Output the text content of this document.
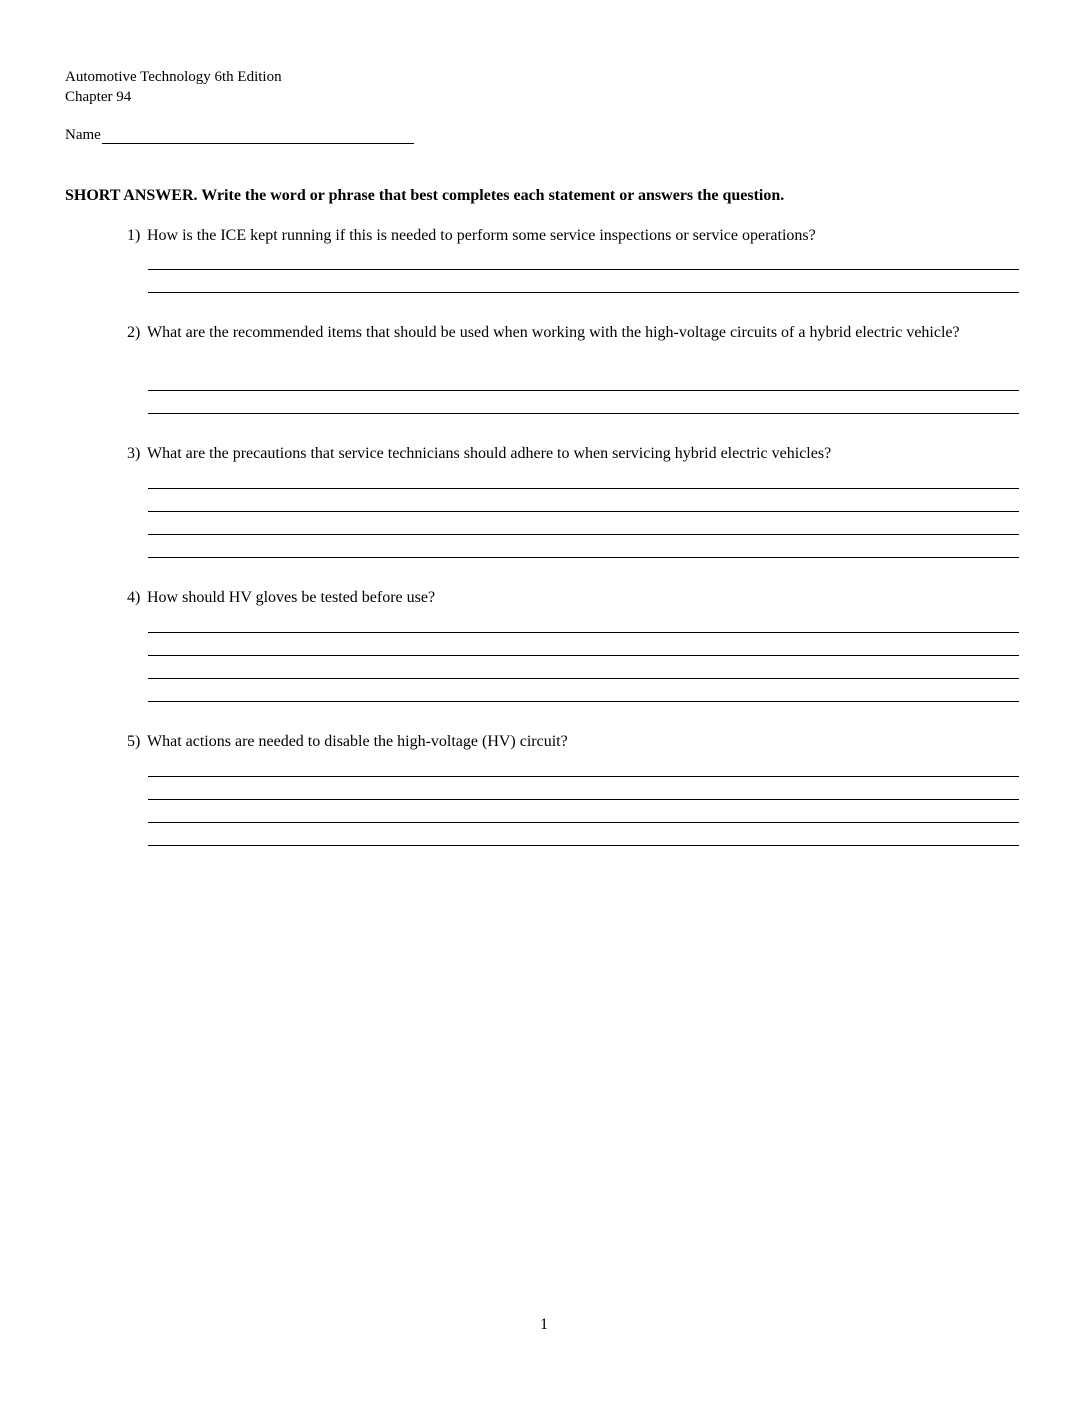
Automotive Technology 6th Edition
Chapter 94
Name
SHORT ANSWER. Write the word or phrase that best completes each statement or answers the question.
1) How is the ICE kept running if this is needed to perform some service inspections or service operations?
2) What are the recommended items that should be used when working with the high-voltage circuits of a hybrid electric vehicle?
3) What are the precautions that service technicians should adhere to when servicing hybrid electric vehicles?
4) How should HV gloves be tested before use?
5) What actions are needed to disable the high-voltage (HV) circuit?
1
